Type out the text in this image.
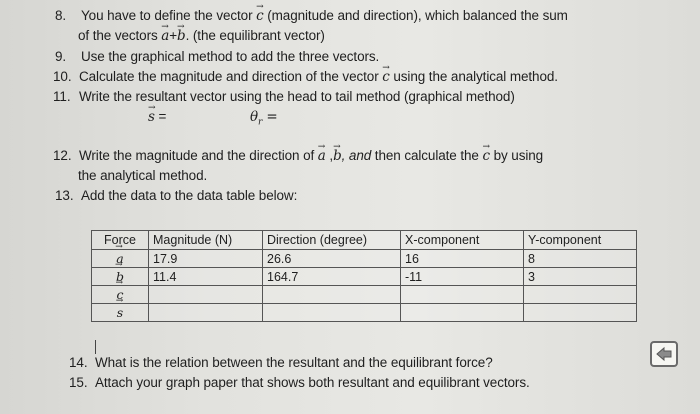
8. You have to define the vector → c (magnitude and direction), which balanced the sum
of the vectors → a+→ b. (the equilibrant vector)
9. Use the graphical method to add the three vectors.
10. Calculate the magnitude and direction of the vector → c using the analytical method.
11. Write the resultant vector using the head to tail method (graphical method)
→ s =	$\theta_r$ =
12. Write the magnitude and the direction of → a ,→ b, and then calculate the → c by using
the analytical method.
13. Add the data to the data table below:
Force	Magnitude (N)	Direction (degree)	X-component	Y-component
→ a	17.9	26.6	16	8
→ b	11.4	164.7	-11	3
→ c				
→ s				
14. What is the relation between the resultant and the equilibrant force?
15. Attach your graph paper that shows both resultant and equilibrant vectors.
